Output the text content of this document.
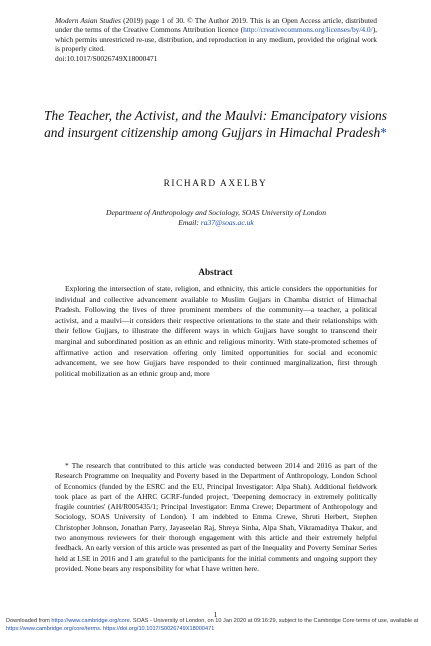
Modern Asian Studies (2019) page 1 of 30. © The Author 2019. This is an Open Access article, distributed under the terms of the Creative Commons Attribution licence (http://creativecommons.org/licenses/by/4.0/), which permits unrestricted re-use, distribution, and reproduction in any medium, provided the original work is properly cited.
doi:10.1017/S0026749X18000471
The Teacher, the Activist, and the Maulvi: Emancipatory visions and insurgent citizenship among Gujjars in Himachal Pradesh*
RICHARD AXELBY
Department of Anthropology and Sociology, SOAS University of London
Email: ra37@soas.ac.uk
Abstract
Exploring the intersection of state, religion, and ethnicity, this article considers the opportunities for individual and collective advancement available to Muslim Gujjars in Chamba district of Himachal Pradesh. Following the lives of three prominent members of the community—a teacher, a political activist, and a maulvi—it considers their respective orientations to the state and their relationships with their fellow Gujjars, to illustrate the different ways in which Gujjars have sought to transcend their marginal and subordinated position as an ethnic and religious minority. With state-promoted schemes of affirmative action and reservation offering only limited opportunities for social and economic advancement, we see how Gujjars have responded to their continued marginalization, first through political mobilization as an ethnic group and, more
* The research that contributed to this article was conducted between 2014 and 2016 as part of the Research Programme on Inequality and Poverty based in the Department of Anthropology, London School of Economics (funded by the ESRC and the EU, Principal Investigator: Alpa Shah). Additional fieldwork took place as part of the AHRC GCRF-funded project, 'Deepening democracy in extremely politically fragile countries' (AH/R005435/1; Principal Investigator: Emma Crewe; Department of Anthropology and Sociology, SOAS University of London). I am indebted to Emma Crewe, Shruti Herbert, Stephen Christopher Johnson, Jonathan Parry, Jayaseelan Raj, Shreya Sinha, Alpa Shah, Vikramaditya Thakur, and two anonymous reviewers for their thorough engagement with this article and their extremely helpful feedback. An early version of this article was presented as part of the Inequality and Poverty Seminar Series held at LSE in 2016 and I am grateful to the participants for the initial comments and ongoing support they provided. None bears any responsibility for what I have written here.
1
Downloaded from https://www.cambridge.org/core. SOAS - University of London, on 10 Jan 2020 at 09:16:29, subject to the Cambridge Core terms of use, available at https://www.cambridge.org/core/terms. https://doi.org/10.1017/S0026749X18000471
